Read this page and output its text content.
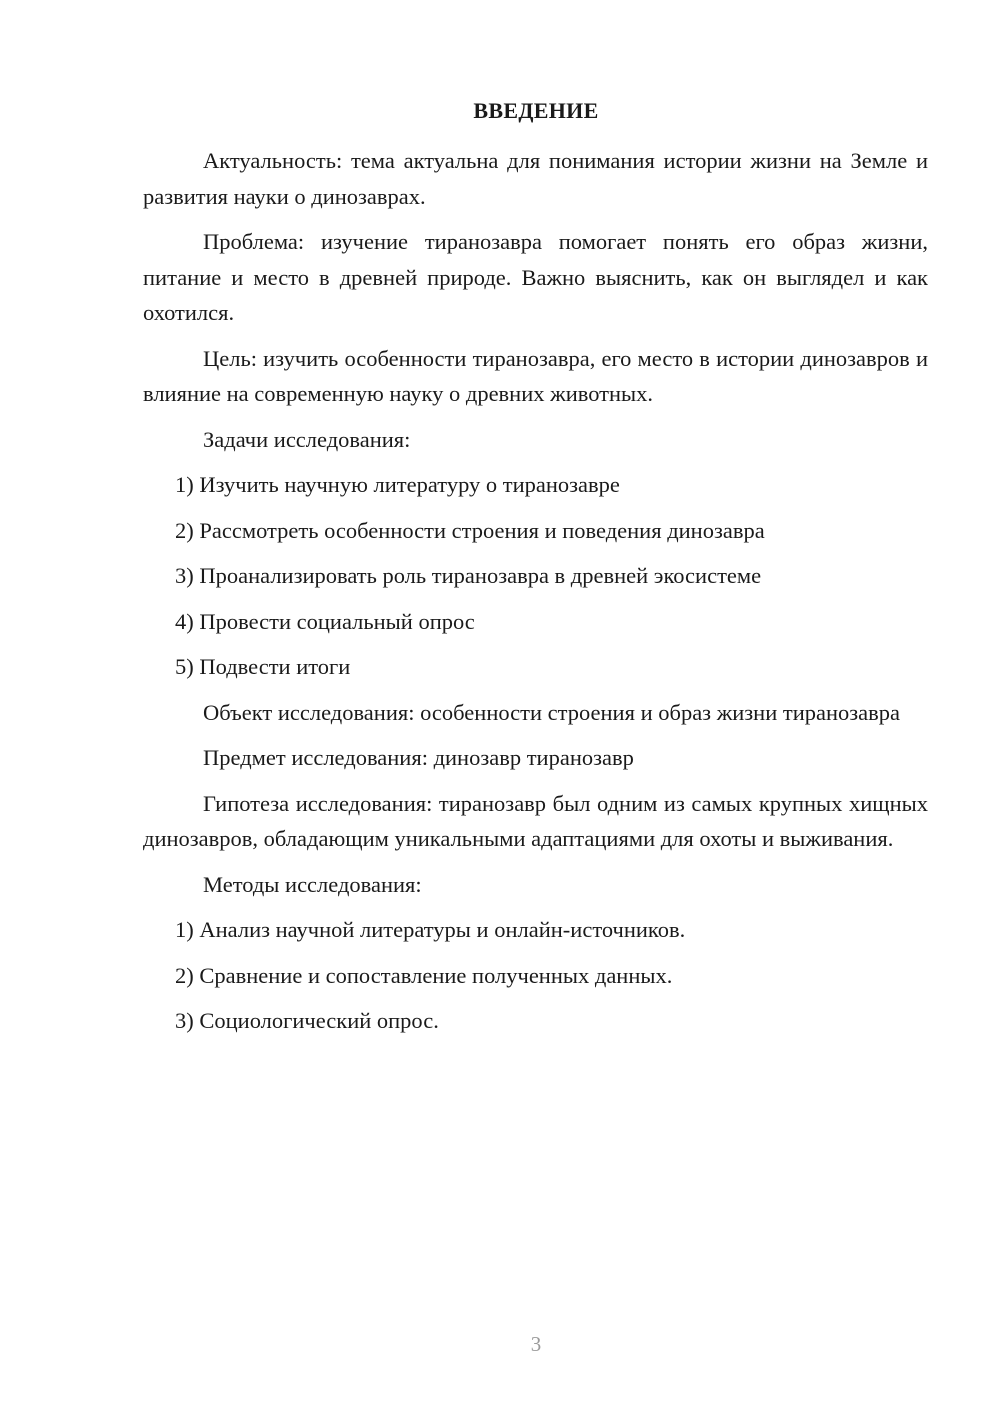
ВВЕДЕНИЕ

Актуальность: тема актуальна для понимания истории жизни на Земле и развития науки о динозаврах.

Проблема: изучение тиранозавра помогает понять его образ жизни, питание и место в древней природе. Важно выяснить, как он выглядел и как охотился.

Цель: изучить особенности тиранозавра, его место в истории динозавров и влияние на современную науку о древних животных.

Задачи исследования:

1) Изучить научную литературу о тиранозавре

2) Рассмотреть особенности строения и поведения динозавра

3) Проанализировать роль тиранозавра в древней экосистеме

4) Провести социальный опрос

5) Подвести итоги

Объект исследования: особенности строения и образ жизни тиранозавра

Предмет исследования: динозавр тиранозавр

Гипотеза исследования: тиранозавр был одним из самых крупных хищных динозавров, обладающим уникальными адаптациями для охоты и выживания.

Методы исследования:

1) Анализ научной литературы и онлайн-источников.

2) Сравнение и сопоставление полученных данных.

3) Социологический опрос.

3
